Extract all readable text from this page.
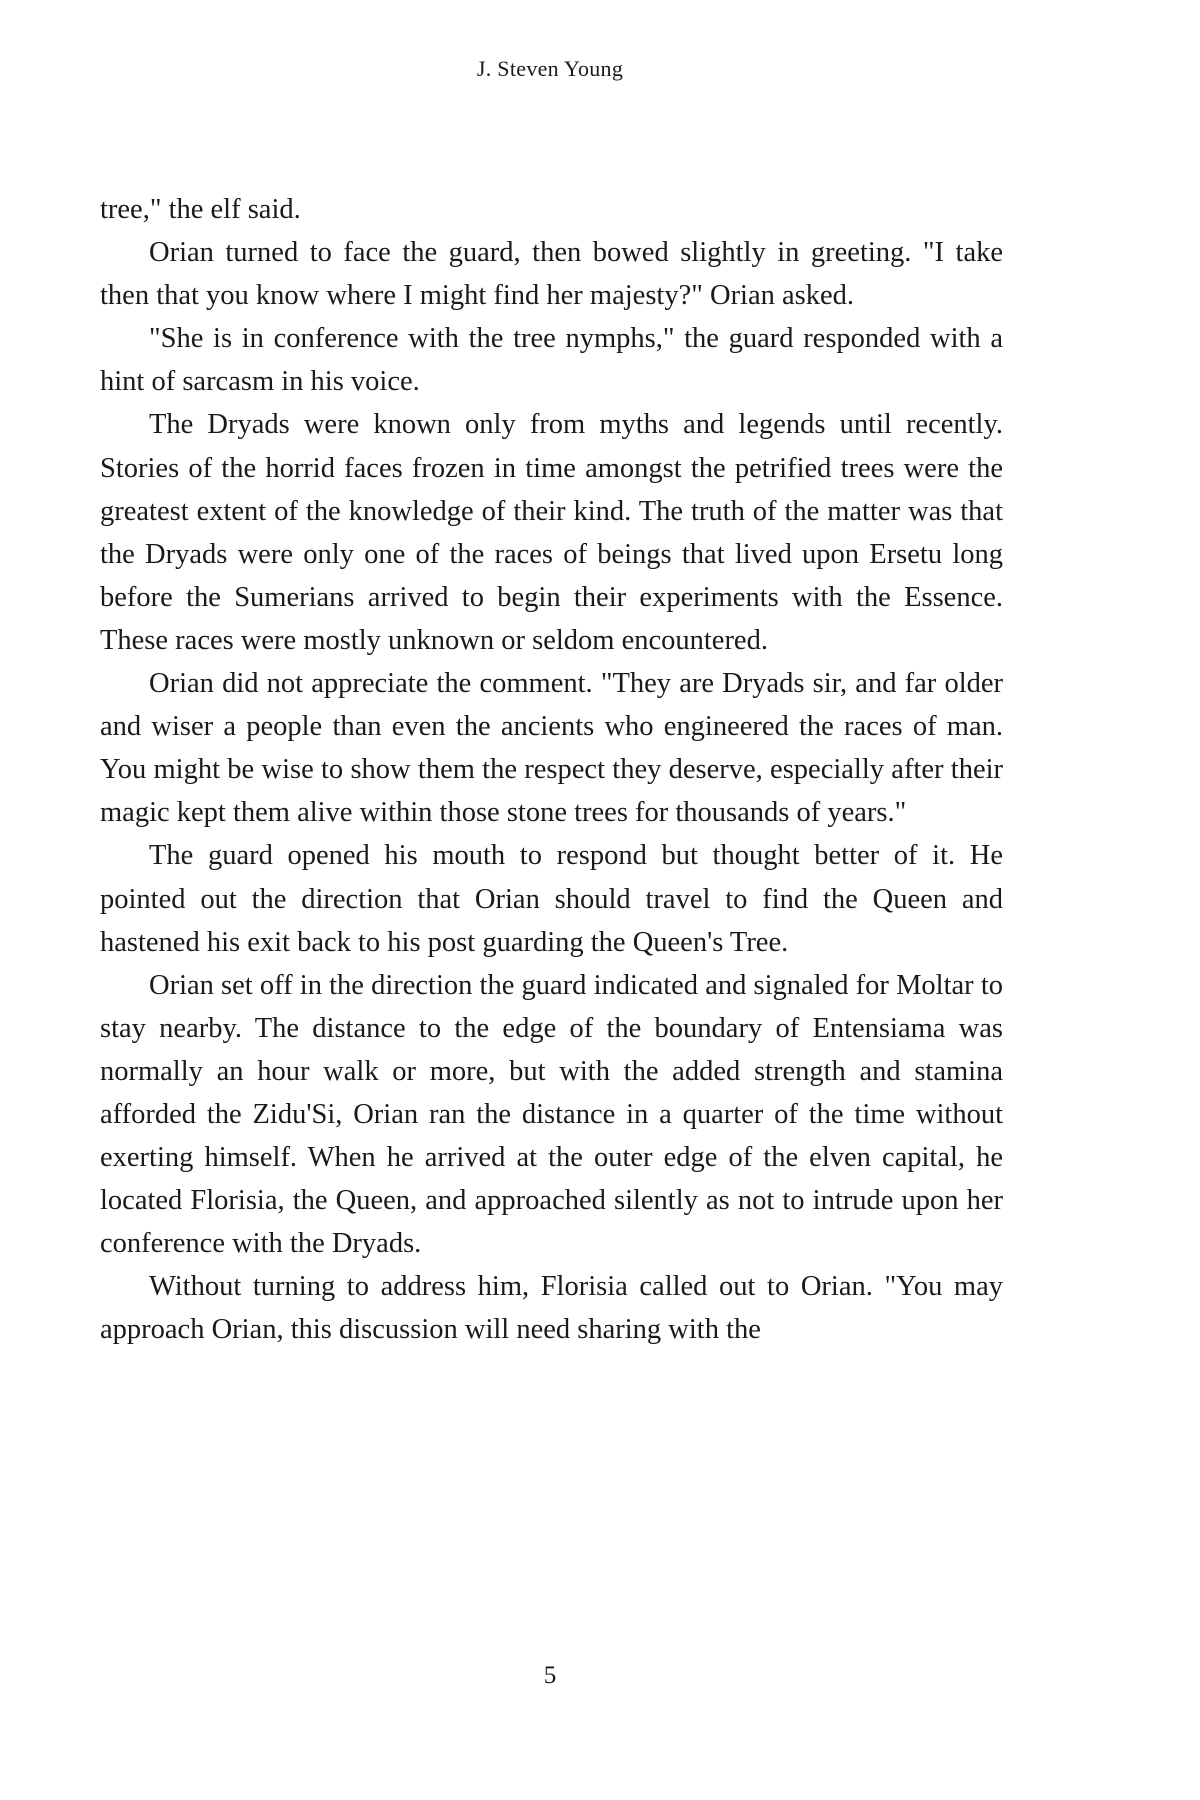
J. Steven Young

tree," the elf said.

Orian turned to face the guard, then bowed slightly in greeting. "I take then that you know where I might find her majesty?" Orian asked.

"She is in conference with the tree nymphs," the guard responded with a hint of sarcasm in his voice.

The Dryads were known only from myths and legends until recently. Stories of the horrid faces frozen in time amongst the petrified trees were the greatest extent of the knowledge of their kind. The truth of the matter was that the Dryads were only one of the races of beings that lived upon Ersetu long before the Sumerians arrived to begin their experiments with the Essence. These races were mostly unknown or seldom encountered.

Orian did not appreciate the comment. "They are Dryads sir, and far older and wiser a people than even the ancients who engineered the races of man. You might be wise to show them the respect they deserve, especially after their magic kept them alive within those stone trees for thousands of years."

The guard opened his mouth to respond but thought better of it. He pointed out the direction that Orian should travel to find the Queen and hastened his exit back to his post guarding the Queen's Tree.

Orian set off in the direction the guard indicated and signaled for Moltar to stay nearby. The distance to the edge of the boundary of Entensiama was normally an hour walk or more, but with the added strength and stamina afforded the Zidu'Si, Orian ran the distance in a quarter of the time without exerting himself. When he arrived at the outer edge of the elven capital, he located Florisia, the Queen, and approached silently as not to intrude upon her conference with the Dryads.

Without turning to address him, Florisia called out to Orian. "You may approach Orian, this discussion will need sharing with the

5
